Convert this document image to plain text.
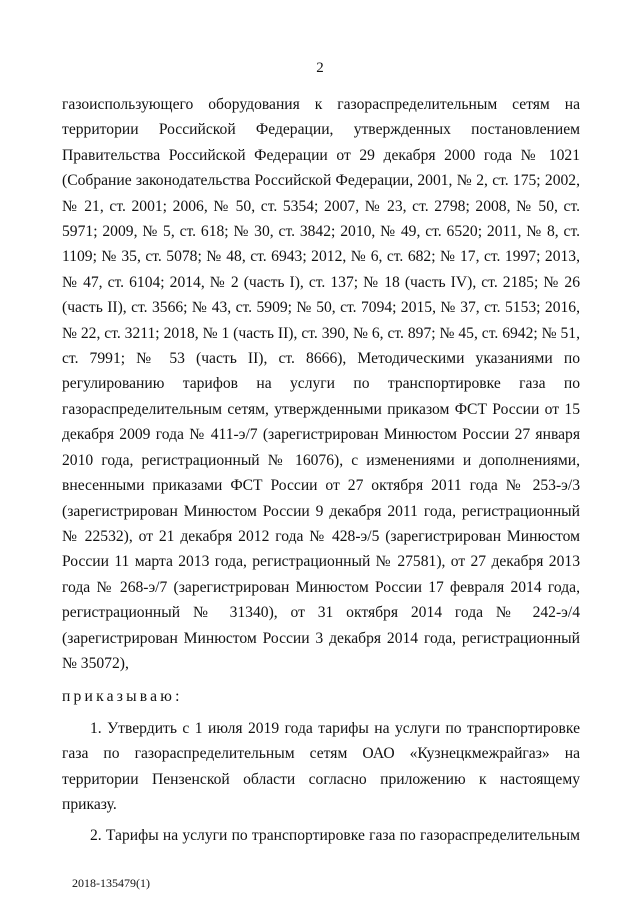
2

газоиспользующего оборудования к газораспределительным сетям на территории Российской Федерации, утвержденных постановлением Правительства Российской Федерации от 29 декабря 2000 года № 1021 (Собрание законодательства Российской Федерации, 2001, № 2, ст. 175; 2002, № 21, ст. 2001; 2006, № 50, ст. 5354; 2007, № 23, ст. 2798; 2008, № 50, ст. 5971; 2009, № 5, ст. 618; № 30, ст. 3842; 2010, № 49, ст. 6520; 2011, № 8, ст. 1109; № 35, ст. 5078; № 48, ст. 6943; 2012, № 6, ст. 682; № 17, ст. 1997; 2013, № 47, ст. 6104; 2014, № 2 (часть I), ст. 137; № 18 (часть IV), ст. 2185; № 26 (часть II), ст. 3566; № 43, ст. 5909; № 50, ст. 7094; 2015, № 37, ст. 5153; 2016, № 22, ст. 3211; 2018, № 1 (часть II), ст. 390, № 6, ст. 897; № 45, ст. 6942; № 51, ст. 7991; № 53 (часть II), ст. 8666), Методическими указаниями по регулированию тарифов на услуги по транспортировке газа по газораспределительным сетям, утвержденными приказом ФСТ России от 15 декабря 2009 года № 411-э/7 (зарегистрирован Минюстом России 27 января 2010 года, регистрационный № 16076), с изменениями и дополнениями, внесенными приказами ФСТ России от 27 октября 2011 года № 253-э/3 (зарегистрирован Минюстом России 9 декабря 2011 года, регистрационный № 22532), от 21 декабря 2012 года № 428-э/5 (зарегистрирован Минюстом России 11 марта 2013 года, регистрационный № 27581), от 27 декабря 2013 года № 268-э/7 (зарегистрирован Минюстом России 17 февраля 2014 года, регистрационный № 31340), от 31 октября 2014 года № 242-э/4 (зарегистрирован Минюстом России 3 декабря 2014 года, регистрационный № 35072),

приказываю:

1. Утвердить с 1 июля 2019 года тарифы на услуги по транспортировке газа по газораспределительным сетям ОАО «Кузнецкмежрайгаз» на территории Пензенской области согласно приложению к настоящему приказу.

2. Тарифы на услуги по транспортировке газа по газораспределительным

2018-135479(1)
